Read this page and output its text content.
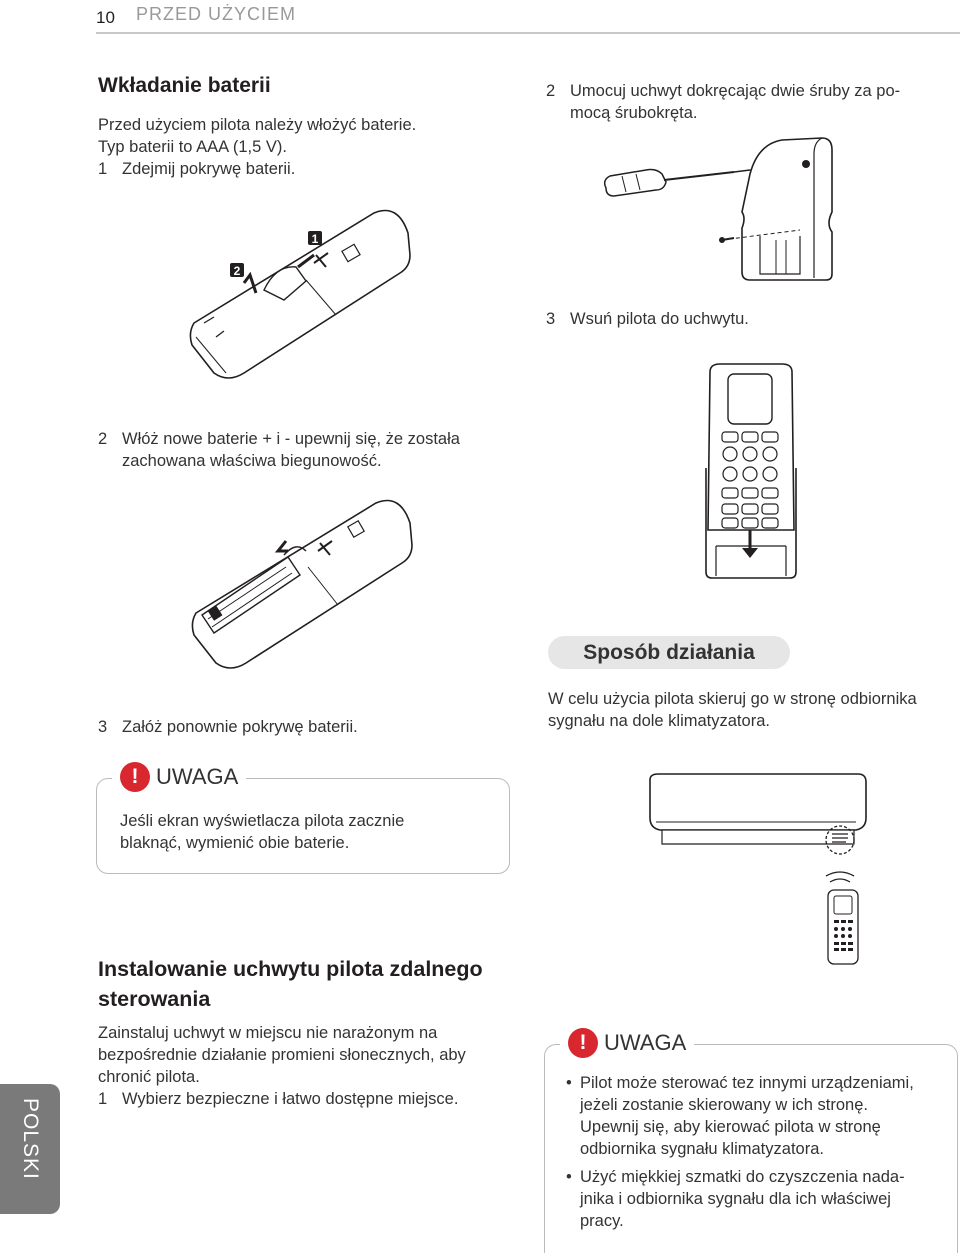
10 PRZED UŻYCIEM
Wkładanie baterii
Przed użyciem pilota należy włożyć baterie.
Typ baterii to AAA (1,5 V).
1 Zdejmij pokrywę baterii.
1
2
2 Włóż nowe baterie + i - upewnij się, że została
zachowana właściwa biegunowość.
3 Załóż ponownie pokrywę baterii.
! UWAGA
Jeśli ekran wyświetlacza pilota zacznie
blaknąć, wymienić obie baterie.
Instalowanie uchwytu pilota zdalnego
sterowania
Zainstaluj uchwyt w miejscu nie narażonym na
bezpośrednie działanie promieni słonecznych, aby
chronić pilota.
1 Wybierz bezpieczne i łatwo dostępne miejsce.
POLSKI
2 Umocuj uchwyt dokręcając dwie śruby za po-
mocą śrubokręta.
3 Wsuń pilota do uchwytu.
Sposób działania
W celu użycia pilota skieruj go w stronę odbiornika
sygnału na dole klimatyzatora.
! UWAGA
• Pilot może sterować tez innymi urządzeniami,
jeżeli zostanie skierowany w ich stronę.
Upewnij się, aby kierować pilota w stronę
odbiornika sygnału klimatyzatora.
• Użyć miękkiej szmatki do czyszczenia nada-
jnika i odbiornika sygnału dla ich właściwej
pracy.
